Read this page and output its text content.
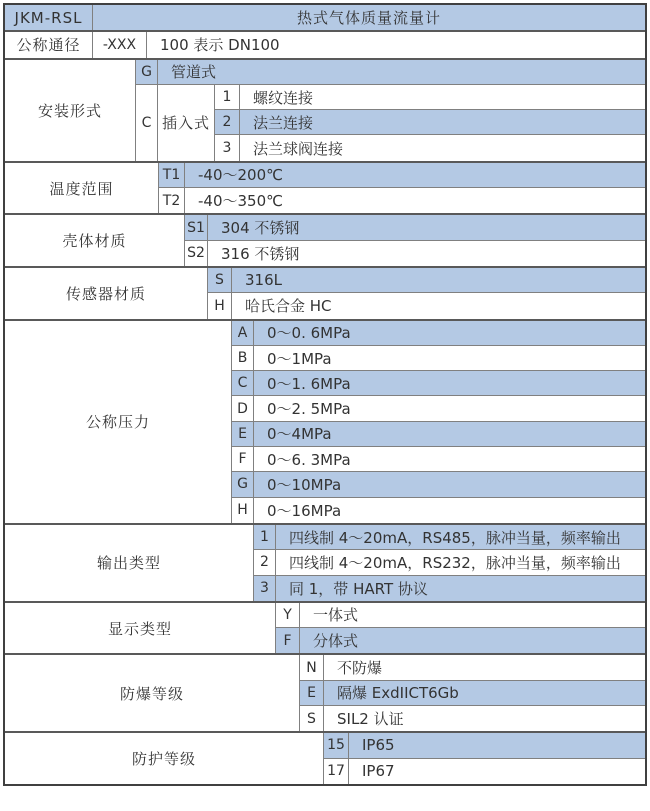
JKM-RSL	热式气体质量流量计
公称通径	-XXX	100 表示 DN100
安装形式
G	管道式
C 插入式
1	螺纹连接
2	法兰连接
3	法兰球阀连接
温度范围
T1	-40～200℃
T2	-40～350℃
壳体材质
S1	304 不锈钢
S2	316 不锈钢
传感器材质
S	316L
H	哈氏合金 HC
公称压力
A	0～0. 6MPa
B	0～1MPa
C	0～1. 6MPa
D	0～2. 5MPa
E	0～4MPa
F	0～6. 3MPa
G	0～10MPa
H	0～16MPa
输出类型
1	四线制 4～20mA，RS485，脉冲当量，频率输出
2	四线制 4～20mA，RS232，脉冲当量，频率输出
3	同 1，带 HART 协议
显示类型
Y	一体式
F	分体式
防爆等级
N	不防爆
E	隔爆 ExdIICT6Gb
S	SIL2 认证
防护等级
15	IP65
17	IP67
